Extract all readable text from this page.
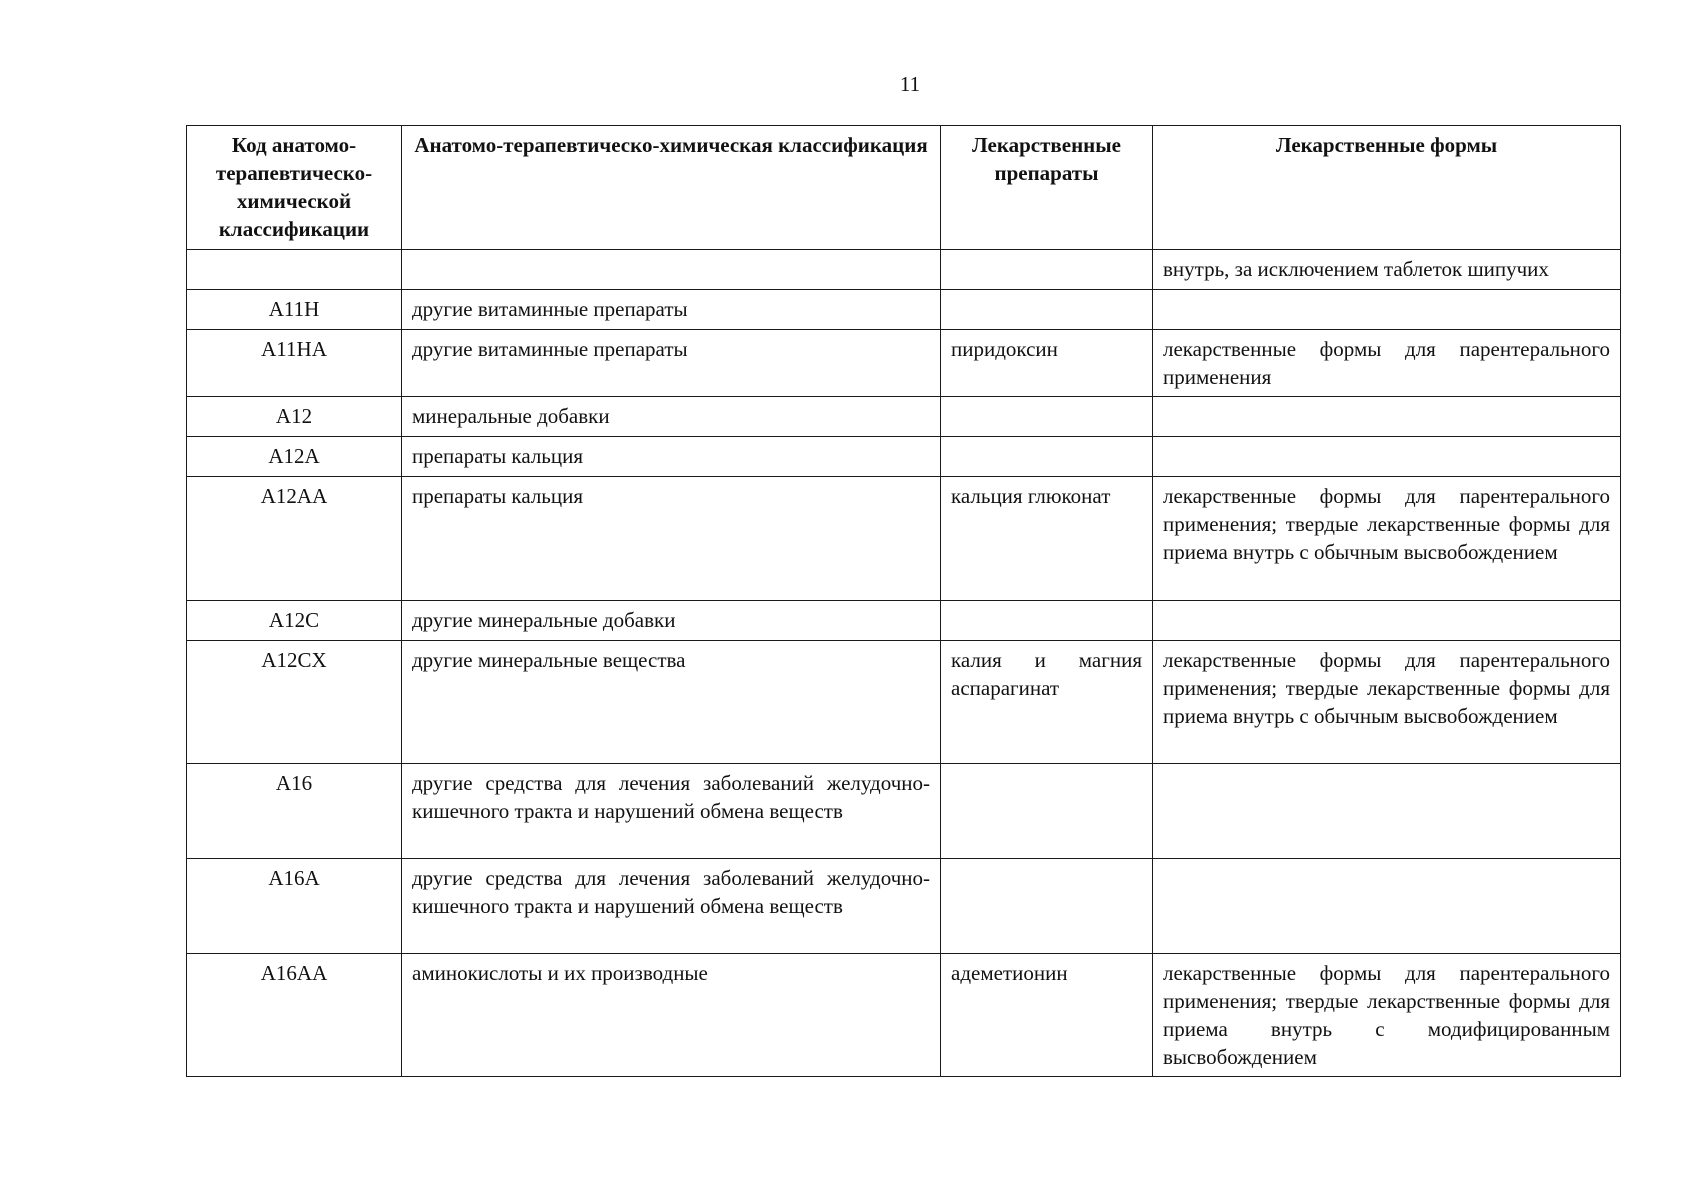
11
Код анатомо-терапевтическо-химической классификации	Анатомо-терапевтическо-химическая классификация	Лекарственные препараты	Лекарственные формы
			внутрь, за исключением таблеток шипучих
A11H	другие витаминные препараты		
A11HA	другие витаминные препараты	пиридоксин	лекарственные формы для парентерального применения
A12	минеральные добавки		
A12A	препараты кальция		
A12AA	препараты кальция	кальция глюконат	лекарственные формы для парентерального применения; твердые лекарственные формы для приема внутрь с обычным высвобождением
A12C	другие минеральные добавки		
A12CX	другие минеральные вещества	калия и магния аспарагинат	лекарственные формы для парентерального применения; твердые лекарственные формы для приема внутрь с обычным высвобождением
A16	другие средства для лечения заболеваний желудочно-кишечного тракта и нарушений обмена веществ		
A16A	другие средства для лечения заболеваний желудочно-кишечного тракта и нарушений обмена веществ		
A16AA	аминокислоты и их производные	адеметионин	лекарственные формы для парентерального применения; твердые лекарственные формы для приема внутрь с модифицированным высвобождением
